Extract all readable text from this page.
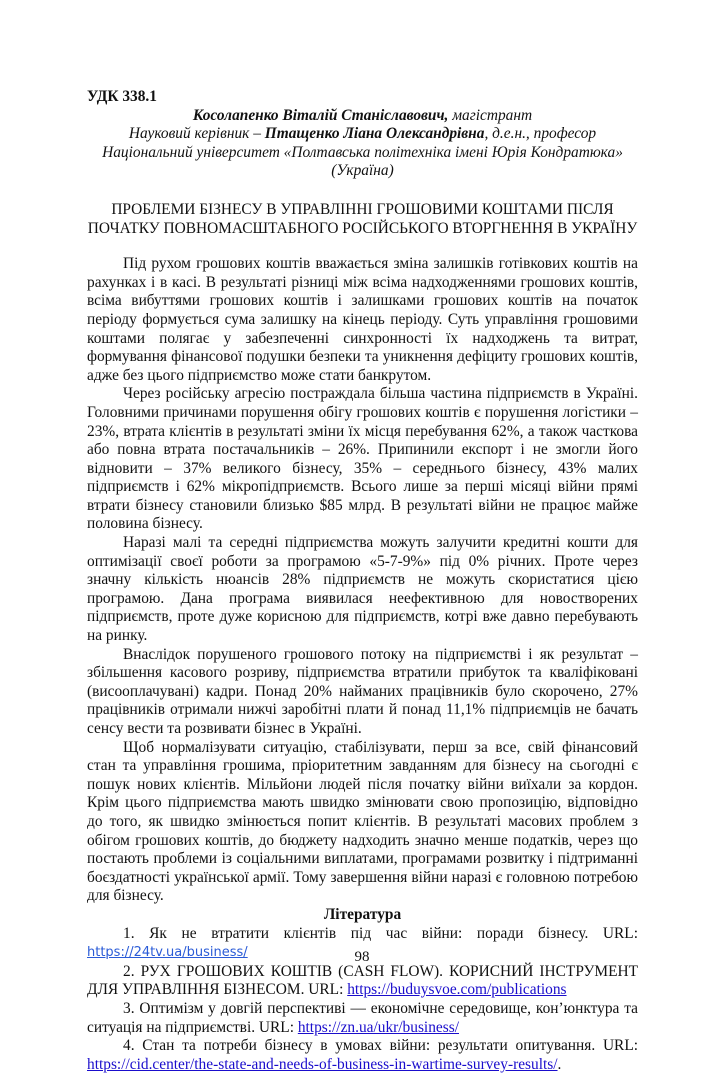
УДК 338.1
Косолапенко Віталій Станіславович, магістрант
Науковий керівник – Птащенко Ліана Олександрівна, д.е.н., професор
Національний університет «Полтавська політехніка імені Юрія Кондратюка»
(Україна)
ПРОБЛЕМИ БІЗНЕСУ В УПРАВЛІННІ ГРОШОВИМИ КОШТАМИ ПІСЛЯ
ПОЧАТКУ ПОВНОМАСШТАБНОГО РОСІЙСЬКОГО ВТОРГНЕННЯ В УКРАЇНУ

Під рухом грошових коштів вважається зміна залишків готівкових коштів на рахунках і в касі. В результаті різниці між всіма надходженнями грошових коштів, всіма вибуттями грошових коштів і залишками грошових коштів на початок періоду формується сума залишку на кінець періоду. Суть управління грошовими коштами полягає у забезпеченні синхронності їх надходжень та витрат, формування фінансової подушки безпеки та уникнення дефіциту грошових коштів, адже без цього підприємство може стати банкрутом.

Через російську агресію постраждала більша частина підприємств в Україні. Головними причинами порушення обігу грошових коштів є порушення логістики – 23%, втрата клієнтів в результаті зміни їх місця перебування 62%, а також часткова або повна втрата постачальників – 26%. Припинили експорт і не змогли його відновити – 37% великого бізнесу, 35% – середнього бізнесу, 43% малих підприємств і 62% мікропідприємств. Всього лише за перші місяці війни прямі втрати бізнесу становили близько $85 млрд. В результаті війни не працює майже половина бізнесу.

Наразі малі та середні підприємства можуть залучити кредитні кошти для оптимізації своєї роботи за програмою «5-7-9%» під 0% річних. Проте через значну кількість нюансів 28% підприємств не можуть скористатися цією програмою. Дана програма виявилася неефективною для новостворених підприємств, проте дуже корисною для підприємств, котрі вже давно перебувають на ринку.

Внаслідок порушеного грошового потоку на підприємстві і як результат – збільшення касового розриву, підприємства втратили прибуток та кваліфіковані (висооплачувані) кадри. Понад 20% найманих працівників було скорочено, 27% працівників отримали нижчі заробітні плати й понад 11,1% підприємців не бачать сенсу вести та розвивати бізнес в Україні.

Щоб нормалізувати ситуацію, стабілізувати, перш за все, свій фінансовий стан та управління грошима, пріоритетним завданням для бізнесу на сьогодні є пошук нових клієнтів. Мільйони людей після початку війни виїхали за кордон. Крім цього підприємства мають швидко змінювати свою пропозицію, відповідно до того, як швидко змінюється попит клієнтів. В результаті масових проблем з обігом грошових коштів, до бюджету надходить значно менше податків, через що постають проблеми із соціальними виплатами, програмами розвитку і підтриманні боєздатності української армії. Тому завершення війни наразі є головною потребою для бізнесу.

Література

1. Як не втратити клієнтів під час війни: поради бізнесу. URL: https://24tv.ua/business/

2. РУХ ГРОШОВИХ КОШТІВ (CASH FLOW). КОРИСНИЙ ІНСТРУМЕНТ ДЛЯ УПРАВЛІННЯ БІЗНЕСОМ. URL: https://buduysvoe.com/publications

3. Оптимізм у довгій перспективі — економічне середовище, кон’юнктура та ситуація на підприємстві. URL: https://zn.ua/ukr/business/

4. Стан та потреби бізнесу в умовах війни: результати опитування. URL: https://cid.center/the-state-and-needs-of-business-in-wartime-survey-results/.

98
